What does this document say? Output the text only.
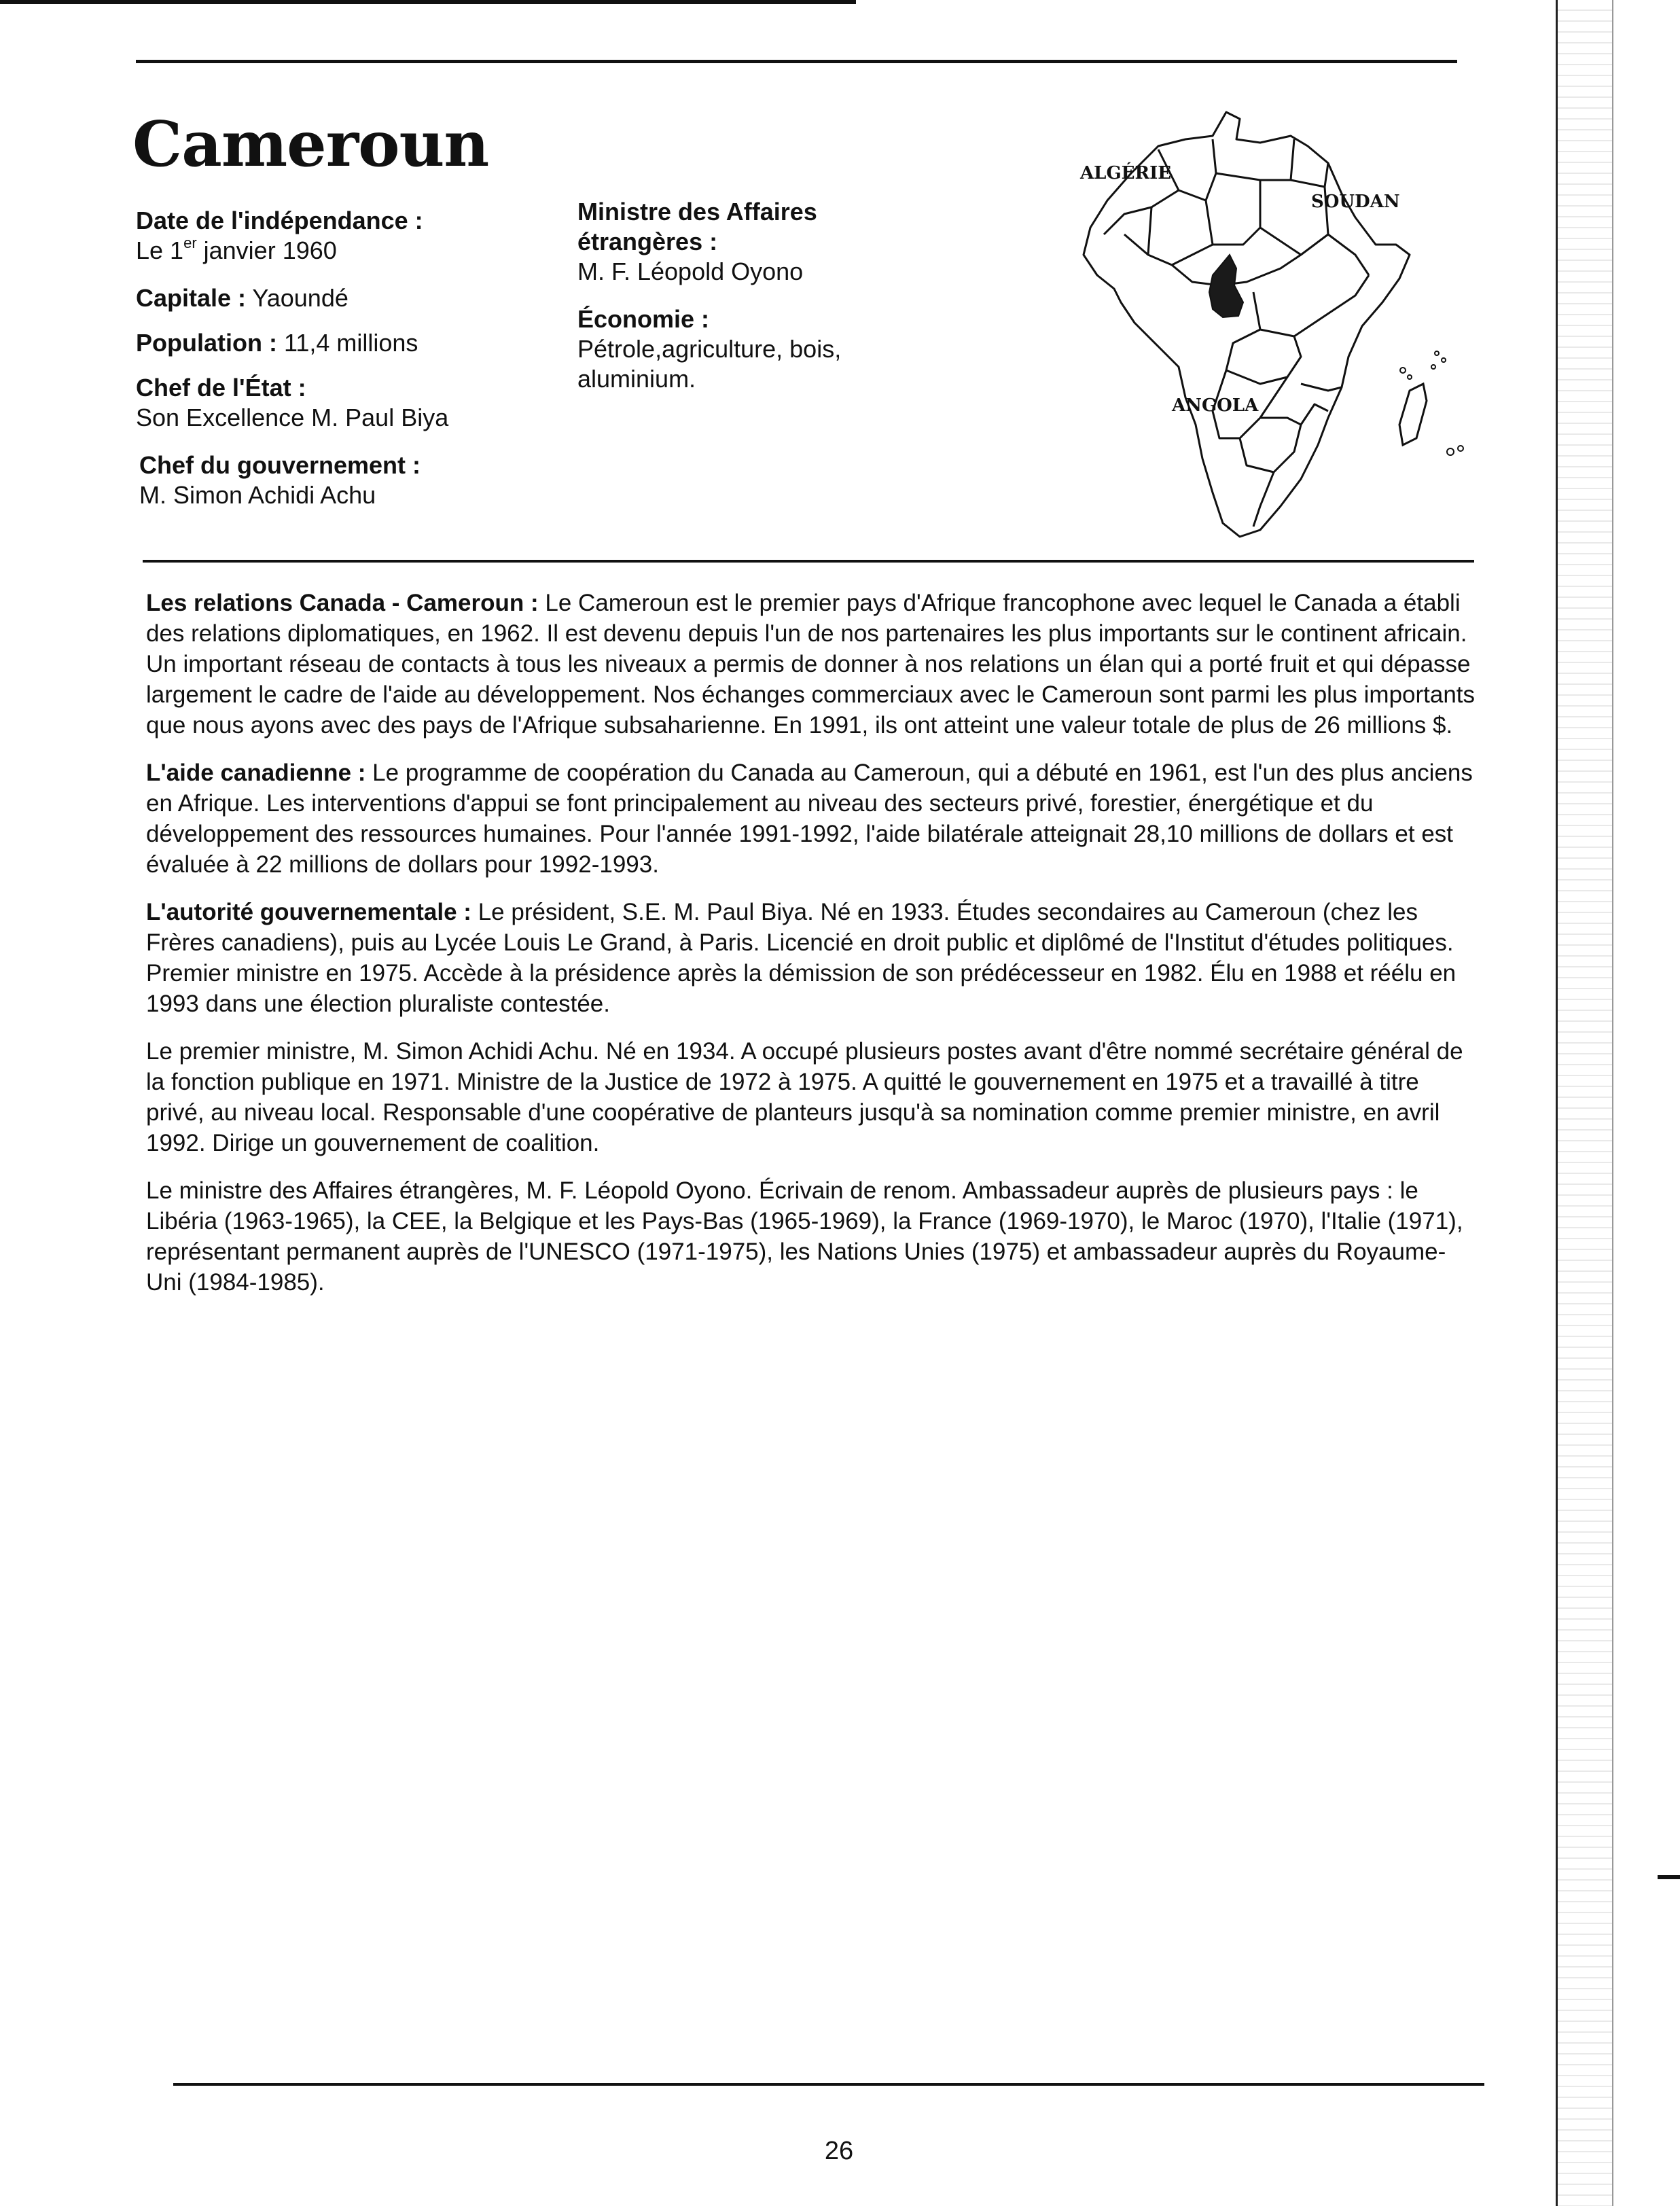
Cameroun
Date de l'indépendance :
Le 1er janvier 1960
Capitale : Yaoundé
Population : 11,4 millions
Chef de l'État :
Son Excellence M. Paul Biya
Chef du gouvernement :
M. Simon Achidi Achu
Ministre des Affaires
étrangères :
M. F. Léopold Oyono
Économie :
Pétrole,agriculture, bois,
aluminium.
ALGÉRIE
SOUDAN
ANGOLA

Les relations Canada - Cameroun : Le Cameroun est le premier pays d'Afrique francophone avec lequel le Canada a établi des relations diplomatiques, en 1962. Il est devenu depuis l'un de nos partenaires les plus importants sur le continent africain. Un important réseau de contacts à tous les niveaux a permis de donner à nos relations un élan qui a porté fruit et qui dépasse largement le cadre de l'aide au développement. Nos échanges commerciaux avec le Cameroun sont parmi les plus importants que nous ayons avec des pays de l'Afrique subsaharienne. En 1991, ils ont atteint une valeur totale de plus de 26 millions $.

L'aide canadienne : Le programme de coopération du Canada au Cameroun, qui a débuté en 1961, est l'un des plus anciens en Afrique. Les interventions d'appui se font principalement au niveau des secteurs privé, forestier, énergétique et du développement des ressources humaines. Pour l'année 1991-1992, l'aide bilatérale atteignait 28,10 millions de dollars et est évaluée à 22 millions de dollars pour 1992-1993.

L'autorité gouvernementale : Le président, S.E. M. Paul Biya. Né en 1933. Études secondaires au Cameroun (chez les Frères canadiens), puis au Lycée Louis Le Grand, à Paris. Licencié en droit public et diplômé de l'Institut d'études politiques. Premier ministre en 1975. Accède à la présidence après la démission de son prédécesseur en 1982. Élu en 1988 et réélu en 1993 dans une élection pluraliste contestée.

Le premier ministre, M. Simon Achidi Achu. Né en 1934. A occupé plusieurs postes avant d'être nommé secrétaire général de la fonction publique en 1971. Ministre de la Justice de 1972 à 1975. A quitté le gouvernement en 1975 et a travaillé à titre privé, au niveau local. Responsable d'une coopérative de planteurs jusqu'à sa nomination comme premier ministre, en avril 1992. Dirige un gouvernement de coalition.

Le ministre des Affaires étrangères, M. F. Léopold Oyono. Écrivain de renom. Ambassadeur auprès de plusieurs pays : le Libéria (1963-1965), la CEE, la Belgique et les Pays-Bas (1965-1969), la France (1969-1970), le Maroc (1970), l'Italie (1971), représentant permanent auprès de l'UNESCO (1971-1975), les Nations Unies (1975) et ambassadeur auprès du Royaume-Uni (1984-1985).

26
